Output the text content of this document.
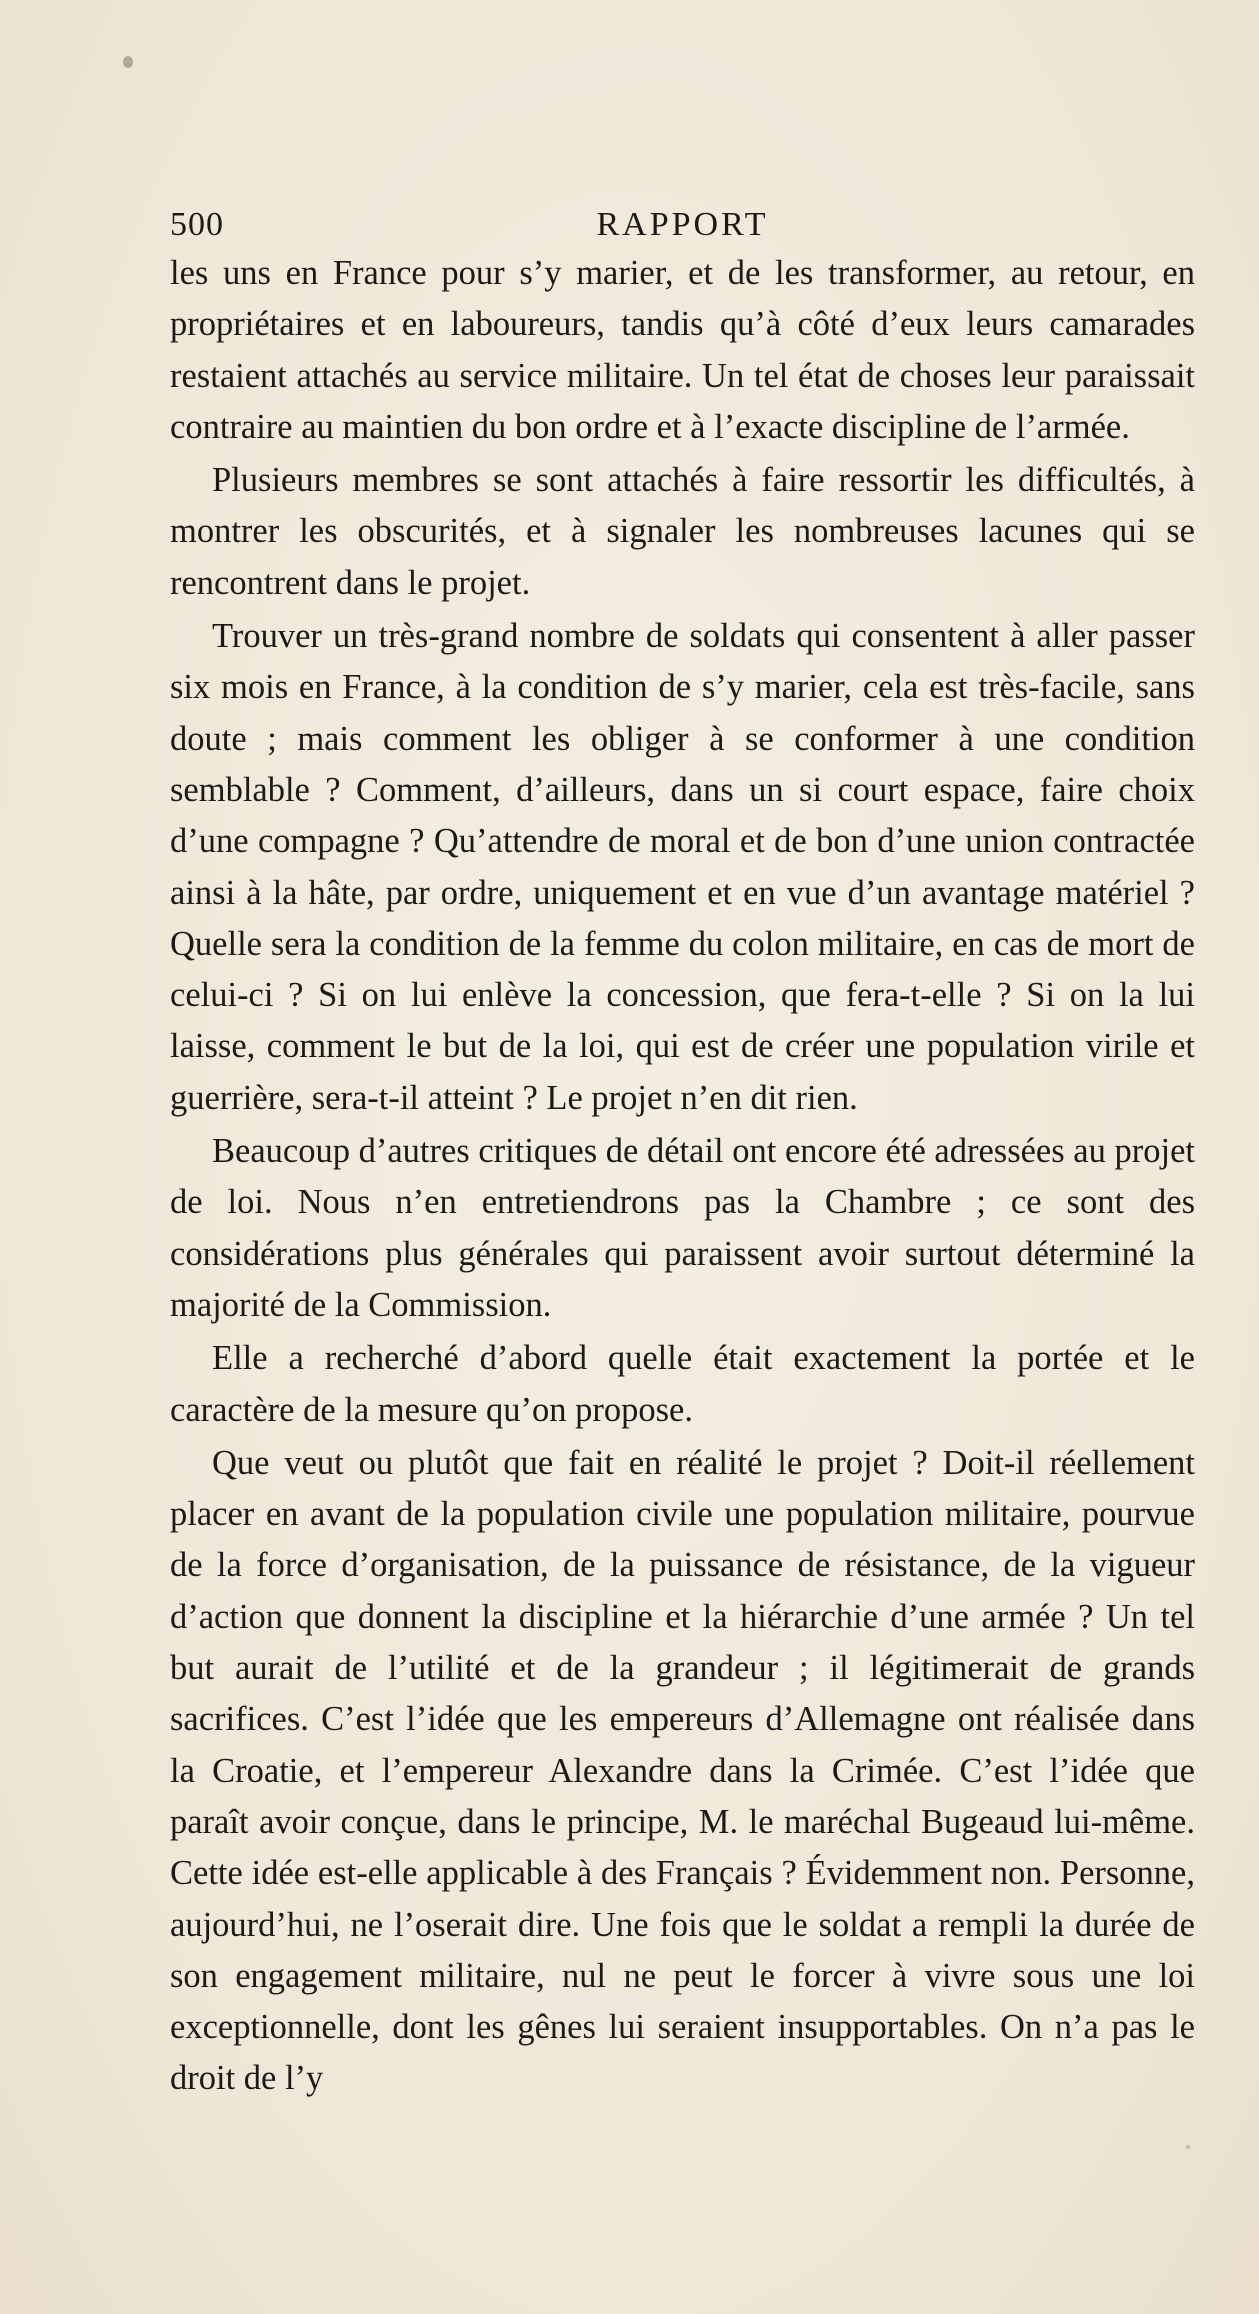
500	RAPPORT

les uns en France pour s’y marier, et de les transformer, au retour, en propriétaires et en laboureurs, tandis qu’à côté d’eux leurs camarades restaient attachés au service militaire. Un tel état de choses leur paraissait contraire au maintien du bon ordre et à l’exacte discipline de l’armée.

Plusieurs membres se sont attachés à faire ressortir les difficultés, à montrer les obscurités, et à signaler les nombreuses lacunes qui se rencontrent dans le projet.

Trouver un très-grand nombre de soldats qui consentent à aller passer six mois en France, à la condition de s’y marier, cela est très-facile, sans doute ; mais comment les obliger à se conformer à une condition semblable ? Comment, d’ailleurs, dans un si court espace, faire choix d’une compagne ? Qu’attendre de moral et de bon d’une union contractée ainsi à la hâte, par ordre, uniquement et en vue d’un avantage matériel ? Quelle sera la condition de la femme du colon militaire, en cas de mort de celui-ci ? Si on lui enlève la concession, que fera-t-elle ? Si on la lui laisse, comment le but de la loi, qui est de créer une population virile et guerrière, sera-t-il atteint ? Le projet n’en dit rien.

Beaucoup d’autres critiques de détail ont encore été adressées au projet de loi. Nous n’en entretiendrons pas la Chambre ; ce sont des considérations plus générales qui paraissent avoir surtout déterminé la majorité de la Commission.

Elle a recherché d’abord quelle était exactement la portée et le caractère de la mesure qu’on propose.

Que veut ou plutôt que fait en réalité le projet ? Doit-il réellement placer en avant de la population civile une population militaire, pourvue de la force d’organisation, de la puissance de résistance, de la vigueur d’action que donnent la discipline et la hiérarchie d’une armée ? Un tel but aurait de l’utilité et de la grandeur ; il légitimerait de grands sacrifices. C’est l’idée que les empereurs d’Allemagne ont réalisée dans la Croatie, et l’empereur Alexandre dans la Crimée. C’est l’idée que paraît avoir conçue, dans le principe, M. le maréchal Bugeaud lui-même. Cette idée est-elle applicable à des Français ? Évidemment non. Personne, aujourd’hui, ne l’oserait dire. Une fois que le soldat a rempli la durée de son engagement militaire, nul ne peut le forcer à vivre sous une loi exceptionnelle, dont les gênes lui seraient insupportables. On n’a pas le droit de l’y
